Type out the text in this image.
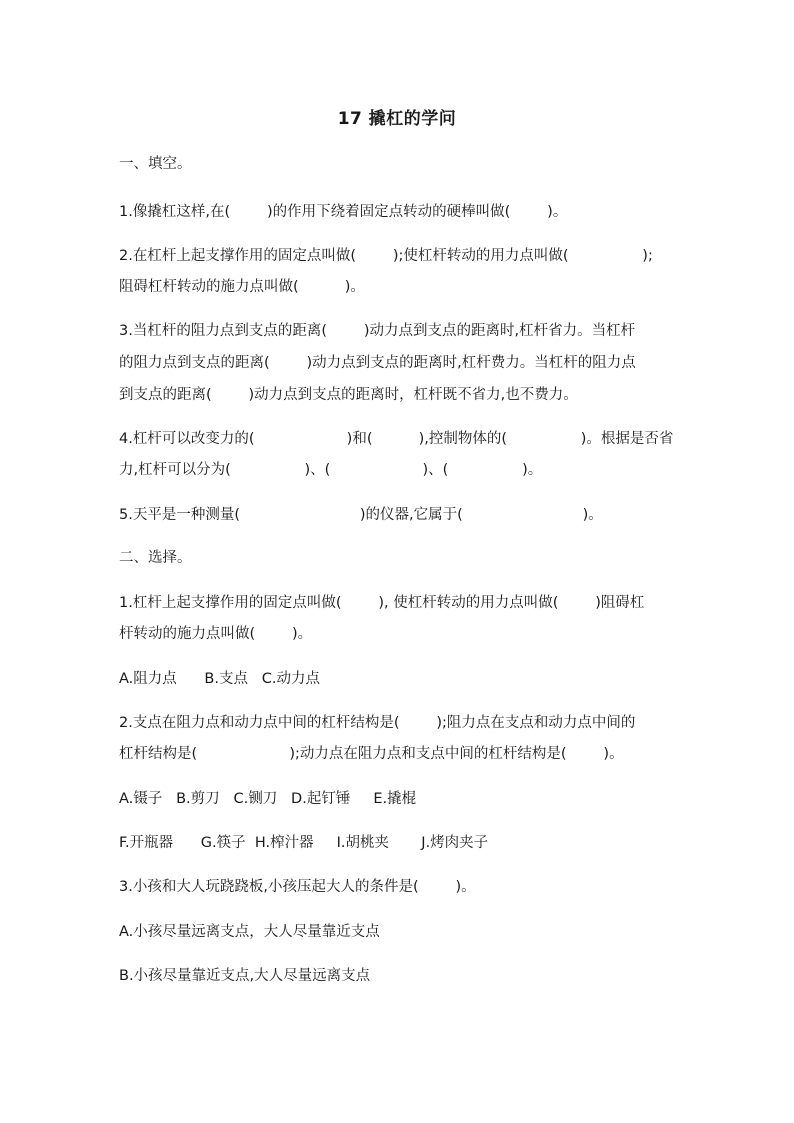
17 撬杠的学问
一、填空。
1.像撬杠这样,在(        )的作用下绕着固定点转动的硬棒叫做(        )。
2.在杠杆上起支撑作用的固定点叫做(        );使杠杆转动的用力点叫做(                );
阻碍杠杆转动的施力点叫做(          )。
3.当杠杆的阻力点到支点的距离(        )动力点到支点的距离时,杠杆省力。当杠杆
的阻力点到支点的距离(        )动力点到支点的距离时,杠杆费力。当杠杆的阻力点
到支点的距离(        )动力点到支点的距离时，杠杆既不省力,也不费力。
4.杠杆可以改变力的(                    )和(          ),控制物体的(                )。根据是否省
力,杠杆可以分为(                )、(                    )、(                )。
5.天平是一种测量(                          )的仪器,它属于(                          )。
二、选择。
1.杠杆上起支撑作用的固定点叫做(        ), 使杠杆转动的用力点叫做(        )阻碍杠
杆转动的施力点叫做(        )。
A.阻力点      B.支点   C.动力点
2.支点在阻力点和动力点中间的杠杆结构是(        );阻力点在支点和动力点中间的
杠杆结构是(                    );动力点在阻力点和支点中间的杠杆结构是(        )。
A.镊子   B.剪刀   C.铡刀   D.起钉锤     E.撬棍
F.开瓶器      G.筷子  H.榨汁器     I.胡桃夹       J.烤肉夹子
3.小孩和大人玩跷跷板,小孩压起大人的条件是(        )。
A.小孩尽量远离支点，大人尽量靠近支点
B.小孩尽量靠近支点,大人尽量远离支点
